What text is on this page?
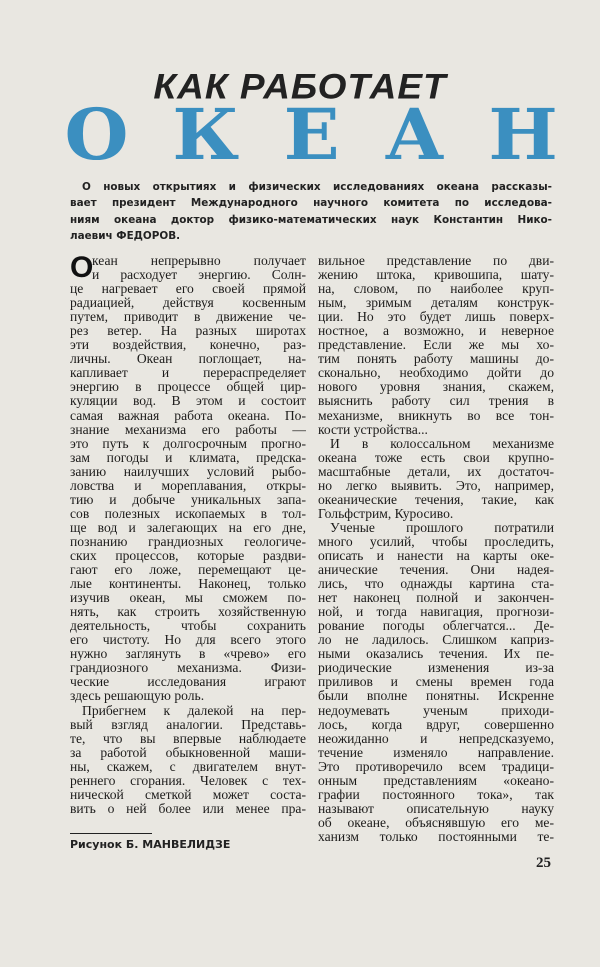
КАК РАБОТАЕТ
О К Е А Н
О новых открытиях и физических исследованиях океана рассказы-
вает президент Международного научного комитета по исследова-
ниям океана доктор физико-математических наук Константин Нико-
лаевич ФЕДОРОВ.
О
кеан непрерывно получает
и расходует энергию. Солн-
це нагревает его своей прямой
радиацией, действуя косвенным
путем, приводит в движение че-
рез ветер. На разных широтах
эти воздействия, конечно, раз-
личны. Океан поглощает, на-
капливает и перераспределяет
энергию в процессе общей цир-
куляции вод. В этом и состоит
самая важная работа океана. По-
знание механизма его работы —
это путь к долгосрочным прогно-
зам погоды и климата, предска-
занию наилучших условий рыбо-
ловства и мореплавания, откры-
тию и добыче уникальных запа-
сов полезных ископаемых в тол-
ще вод и залегающих на его дне,
познанию грандиозных геологиче-
ских процессов, которые раздви-
гают его ложе, перемещают це-
лые континенты. Наконец, только
изучив океан, мы сможем по-
нять, как строить хозяйственную
деятельность, чтобы сохранить
его чистоту. Но для всего этого
нужно заглянуть в «чрево» его
грандиозного механизма. Физи-
ческие исследования играют
здесь решающую роль.
Прибегнем к далекой на пер-
вый взгляд аналогии. Представь-
те, что вы впервые наблюдаете
за работой обыкновенной маши-
ны, скажем, с двигателем внут-
реннего сгорания. Человек с тех-
нической сметкой может соста-
вить о ней более или менее пра-
вильное представление по дви-
жению штока, кривошипа, шату-
на, словом, по наиболее круп-
ным, зримым деталям конструк-
ции. Но это будет лишь поверх-
ностное, а возможно, и неверное
представление. Если же мы хо-
тим понять работу машины до-
сконально, необходимо дойти до
нового уровня знания, скажем,
выяснить работу сил трения в
механизме, вникнуть во все тон-
кости устройства...
И в колоссальном механизме
океана тоже есть свои крупно-
масштабные детали, их достаточ-
но легко выявить. Это, например,
океанические течения, такие, как
Гольфстрим, Куросиво.
Ученые прошлого потратили
много усилий, чтобы проследить,
описать и нанести на карты оке-
анические течения. Они надея-
лись, что однажды картина ста-
нет наконец полной и закончен-
ной, и тогда навигация, прогнози-
рование погоды облегчатся... Де-
ло не ладилось. Слишком каприз-
ными оказались течения. Их пе-
риодические изменения из-за
приливов и смены времен года
были вполне понятны. Искренне
недоумевать ученым приходи-
лось, когда вдруг, совершенно
неожиданно и непредсказуемо,
течение изменяло направление.
Это противоречило всем традици-
онным представлениям «океано-
графии постоянного тока», так
называют описательную науку
об океане, объяснявшую его ме-
ханизм только постоянными те-
Рисунок Б. МАНВЕЛИДЗЕ
25
